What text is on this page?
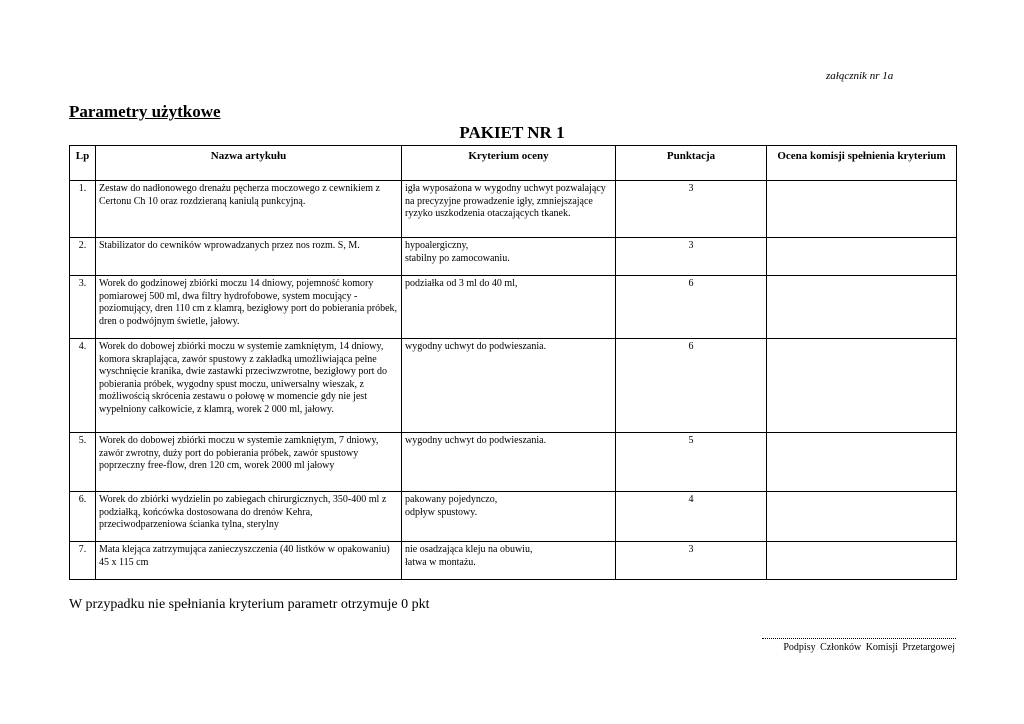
załącznik nr 1a
Parametry użytkowe
PAKIET NR 1
Lp	Nazwa artykułu	Kryterium oceny	Punktacja	Ocena komisji spełnienia kryterium
1.	Zestaw do nadłonowego drenażu pęcherza moczowego z cewnikiem z Certonu Ch 10 oraz rozdzieraną kaniulą punkcyjną.	igła wyposażona w wygodny uchwyt pozwalający na precyzyjne prowadzenie igły, zmniejszające ryzyko uszkodzenia otaczających tkanek.	3	
2.	Stabilizator do cewników wprowadzanych przez nos rozm. S, M.	hypoalergiczny,
stabilny po zamocowaniu.	3	
3.	Worek do godzinowej zbiórki moczu 14 dniowy, pojemność komory pomiarowej 500 ml, dwa filtry hydrofobowe, system mocujący - poziomujący, dren 110 cm z klamrą, bezigłowy port do pobierania próbek, dren o podwójnym świetle, jałowy.	podziałka od 3 ml do 40 ml,	6	
4.	Worek do dobowej zbiórki moczu w systemie zamkniętym, 14 dniowy, komora skraplająca, zawór spustowy z zakładką umożliwiająca pełne wyschnięcie kranika, dwie zastawki przeciwzwrotne, bezigłowy port do pobierania próbek, wygodny spust moczu, uniwersalny wieszak, z możliwością skrócenia zestawu o połowę w momencie gdy nie jest wypełniony całkowicie, z klamrą, worek 2 000 ml, jałowy.	wygodny uchwyt do podwieszania.	6	
5.	Worek do dobowej zbiórki moczu w systemie zamkniętym, 7 dniowy, zawór zwrotny, duży port do pobierania próbek, zawór spustowy poprzeczny free-flow, dren 120 cm, worek 2000 ml jałowy	wygodny uchwyt do podwieszania.	5	
6.	Worek do zbiórki wydzielin po zabiegach chirurgicznych, 350-400 ml z podziałką, końcówka dostosowana do drenów Kehra, przeciwodparzeniowa ścianka tylna, sterylny	pakowany pojedynczo,
odpływ spustowy.	4	
7.	Mata klejąca zatrzymująca zanieczyszczenia (40 listków w opakowaniu) 45 x 115 cm	nie osadzająca kleju na obuwiu,
łatwa w montażu.	3	
W przypadku nie spełniania kryterium parametr otrzymuje 0 pkt
Podpisy Członków Komisji Przetargowej
